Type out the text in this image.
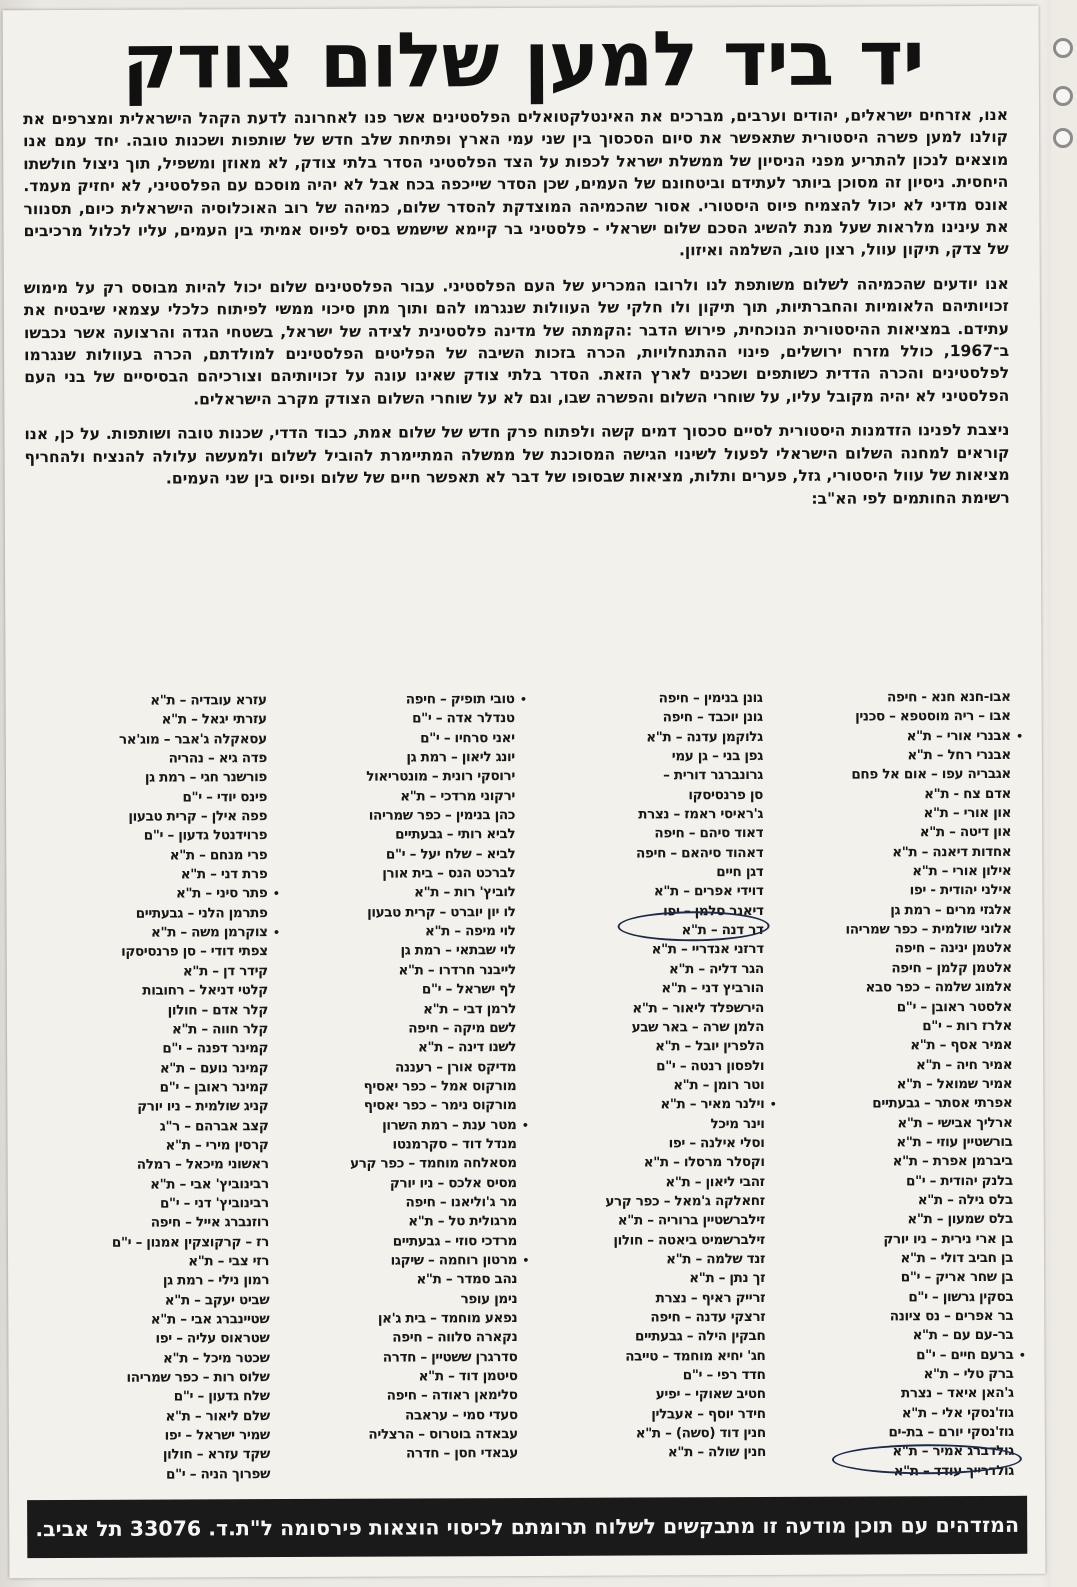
יד ביד למען שלום צודק

אנו, אזרחים ישראלים, יהודים וערבים, מברכים את האינטלקטואלים הפלסטינים אשר פנו לאחרונה לדעת הקהל הישראלית ומצרפים את קולנו למען פשרה היסטורית שתאפשר את סיום הסכסוך בין שני עמי הארץ ופתיחת שלב חדש של שותפות ושכנות טובה. יחד עמם אנו מוצאים לנכון להתריע מפני הניסיון של ממשלת ישראל לכפות על הצד הפלסטיני הסדר בלתי צודק, לא מאוזן ומשפיל, תוך ניצול חולשתו היחסית. ניסיון זה מסוכן ביותר לעתידם וביטחונם של העמים, שכן הסדר שייכפה בכח אבל לא יהיה מוסכם עם הפלסטיני, לא יחזיק מעמד. אונס מדיני לא יכול להצמיח פיוס היסטורי. אסור שהכמיהה המוצדקת להסדר שלום, כמיהה של רוב האוכלוסיה הישראלית כיום, תסנוור את עינינו מלראות שעל מנת להשיג הסכם שלום ישראלי - פלסטיני בר קיימא שישמש בסיס לפיוס אמיתי בין העמים, עליו לכלול מרכיבים של צדק, תיקון עוול, רצון טוב, השלמה ואיזון.

אנו יודעים שהכמיהה לשלום משותפת לנו ולרובו המכריע של העם הפלסטיני. עבור הפלסטינים שלום יכול להיות מבוסס רק על מימוש זכויותיהם הלאומיות והחברתיות, תוך תיקון ולו חלקי של העוולות שנגרמו להם ותוך מתן סיכוי ממשי לפיתוח כלכלי עצמאי שיבטיח את עתידם. במציאות ההיסטורית הנוכחית, פירוש הדבר :הקמתה של מדינה פלסטינית לצידה של ישראל, בשטחי הגדה והרצועה אשר נכבשו ב־1967, כולל מזרח ירושלים, פינוי ההתנחלויות, הכרה בזכות השיבה של הפליטים הפלסטינים למולדתם, הכרה בעוולות שנגרמו לפלסטינים והכרה הדדית כשותפים ושכנים לארץ הזאת. הסדר בלתי צודק שאינו עונה על זכויותיהם וצורכיהם הבסיסיים של בני העם הפלסטיני לא יהיה מקובל עליו, על שוחרי השלום והפשרה שבו, וגם לא על שוחרי השלום הצודק מקרב הישראלים.

ניצבת לפנינו הזדמנות היסטורית לסיים סכסוך דמים קשה ולפתוח פרק חדש של שלום אמת, כבוד הדדי, שכנות טובה ושותפות. על כן, אנו קוראים למחנה השלום הישראלי לפעול לשינוי הגישה המסוכנת של ממשלה המתיימרת להוביל לשלום ולמעשה עלולה להנציח ולהחריף מציאות של עוול היסטורי, גזל, פערים ותלות, מציאות שבסופו של דבר לא תאפשר חיים של שלום ופיוס בין שני העמים.

רשימת החותמים לפי הא"ב:

אבו-חנא חנא - חיפה
אבו – ריה מוסטפא – סכנין
אבנרי אורי – ת"א •
אבנרי רחל – ת"א
אגבריה עפו – אום אל פחם
אדם צח - ת"א
און אורי – ת"א
און דיטה – ת"א
אחדות דיאנה – ת"א
אילון אורי – ת"א
אילני יהודית - יפו
אלגזי מרים – רמת גן
אלוני שולמית – כפר שמריהו
אלטמן ינינה – חיפה
אלטמן קלמן – חיפה
אלמוג שלמה – כפר סבא
אלסטר ראובן – י"ם
אלרז רות – י"ם
אמיר אסף – ת"א
אמיר חיה – ת"א
אמיר שמואל – ת"א
אפרתי אסתר – גבעתיים
ארליך אבישי – ת"א
בורשטיין עוזי – ת"א
ביברמן אפרת – ת"א
בלנק יהודית – י"ם
בלס גילה – ת"א
בלס שמעון – ת"א
בן ארי נירית – ניו יורק
בן חביב דולי – ת"א
בן שחר אריק – י"ם
בסקין גרשון – י"ם
בר אפרים – נס ציונה
בר-עם עם – ת"א
ברעם חיים – י"ם •
ברק טלי – ת"א
ג'האן איאד – נצרת
גוז'נסקי אלי – ת"א
גוז'נסקי יורם – בת-ים
גולדברג אמיר – ת"א
גולדרייך עודד – ת"א
גונן בנימין – חיפה
גונן יוכבד – חיפה
גלוקמן עדנה – ת"א
גפן בני – גן עמי
גרונברגר דורית –
סן פרנסיסקו
ג'ראיסי ראמז – נצרת
דאוד סיהם – חיפה
דאהוד סיהאם – חיפה
דגן חיים
דוידי אפרים – ת"א
דיאנר סלמן – יפו
דר דנה – ת"א
דרזני אנדריי – ת"א
הגר דליה – ת"א
הורביץ דני – ת"א
הירשפלד ליאור – ת"א
הלמן שרה – באר שבע
הלפרין יובל – ת"א
ולפסון רנטה – י"ם
וטר רומן – ת"א
וילנר מאיר – ת"א •
וינר מיכל
וסלי אילנה – יפו
וקסלר מרסלו – ת"א
זהבי ליאון – ת"א
זחאלקה ג'מאל – כפר קרע
זילברשטיין ברוריה – ת"א
זילברשמיט ביאטה – חולון
זנד שלמה – ת"א
זך נתן – ת"א
זרייק ראיף – נצרת
זרצקי עדנה – חיפה
חבקין הילה – גבעתיים
חג' יחיא מוחמד – טייבה
חדד רפי – י"ם
חטיב שאוקי – יפיע
חידר יוסף – אעבלין
חנין דוד (סשה) – ת"א
חנין שולה – ת"א
טובי תופיק – חיפה •
טנדלר אדה – י"ם
יאני סרחיו – י"ם
יונג ליאון – רמת גן
ירוסקי רונית – מונטריאול
ירקוני מרדכי – ת"א
כהן בנימין – כפר שמריהו
לביא רותי – גבעתיים
לביא – שלח יעל – י"ם
לברכט הנס – בית אורן
לוביץ' רות – ת"א
לו יון יוברט – קרית טבעון
לוי מיפה – ת"א
לוי שבתאי – רמת גן
לייבנר חרדרו – ת"א
לף ישראל – י"ם
לרמן דבי – ת"א
לשם מיקה – חיפה
לשנו דינה – ת"א
מדיקס אורן – רעננה
מורקוס אמל – כפר יאסיף
מורקוס נימר – כפר יאסיף
מטר ענת – רמת השרון •
מנדל דוד – סקרמנטו
מסאלחה מוחמד – כפר קרע
מסיס אלכס – ניו יורק
מר ג'וליאנו – חיפה
מרגולית טל – ת"א
מרדכי סוזי – גבעתיים
מרטון רוחמה – שיקגו •
נהב סמדר – ת"א
נימן עופר
נפאע מוחמד – בית ג'אן
נקארה סלווה – חיפה
סדרגרן ששטיין – חדרה
סיטמן דוד – ת"א
סלימאן ראודה – חיפה
סעדי סמי – עראבה
עבאדה בוטרוס – הרצליה
עבאדי חסן – חדרה
עזרא עובדיה – ת"א
עזרתי יגאל – ת"א
עסאקלה ג'אבר – מוג'אר
פדה גיא – נהריה
פורשנר חגי – רמת גן
פינס יודי – י"ם
פפה אילן – קרית טבעון
פרוידנטל גדעון – י"ם
פרי מנחם – ת"א
פרת דני – ת"א
פתר סיני – ת"א •
פתרמן הלני – גבעתיים
צוקרמן משה – ת"א •
צפתי דודי – סן פרנסיסקו
קידר דן – ת"א
קלטי דניאל – רחובות
קלר אדם – חולון
קלר חווה – ת"א
קמינר דפנה – י"ם
קמינר נועם – ת"א
קמינר ראובן – י"ם
קניג שולמית – ניו יורק
קצב אברהם – ר"ג
קרסין מירי – ת"א
ראשוני מיכאל – רמלה
רבינוביץ' אבי – ת"א
רבינוביץ' דני – י"ם
רוזנברג אייל – חיפה
רז – קרקוצקין אמנון – י"ם
רזי צבי – ת"א
רמון נילי – רמת גן
שביט יעקב – ת"א
שטיינברג אבי – ת"א
שטראוס עליה – יפו
שכטר מיכל – ת"א
שלוס רות – כפר שמריהו
שלח גדעון – י"ם
שלם ליאור – ת"א
שמיר ישראל – יפו
שקד עזרא – חולון
שפרוך הניה – י"ם
המזדהים עם תוכן מודעה זו מתבקשים לשלוח תרומתם לכיסוי הוצאות פירסומה ל"ת.ד. 33076 תל אביב.
